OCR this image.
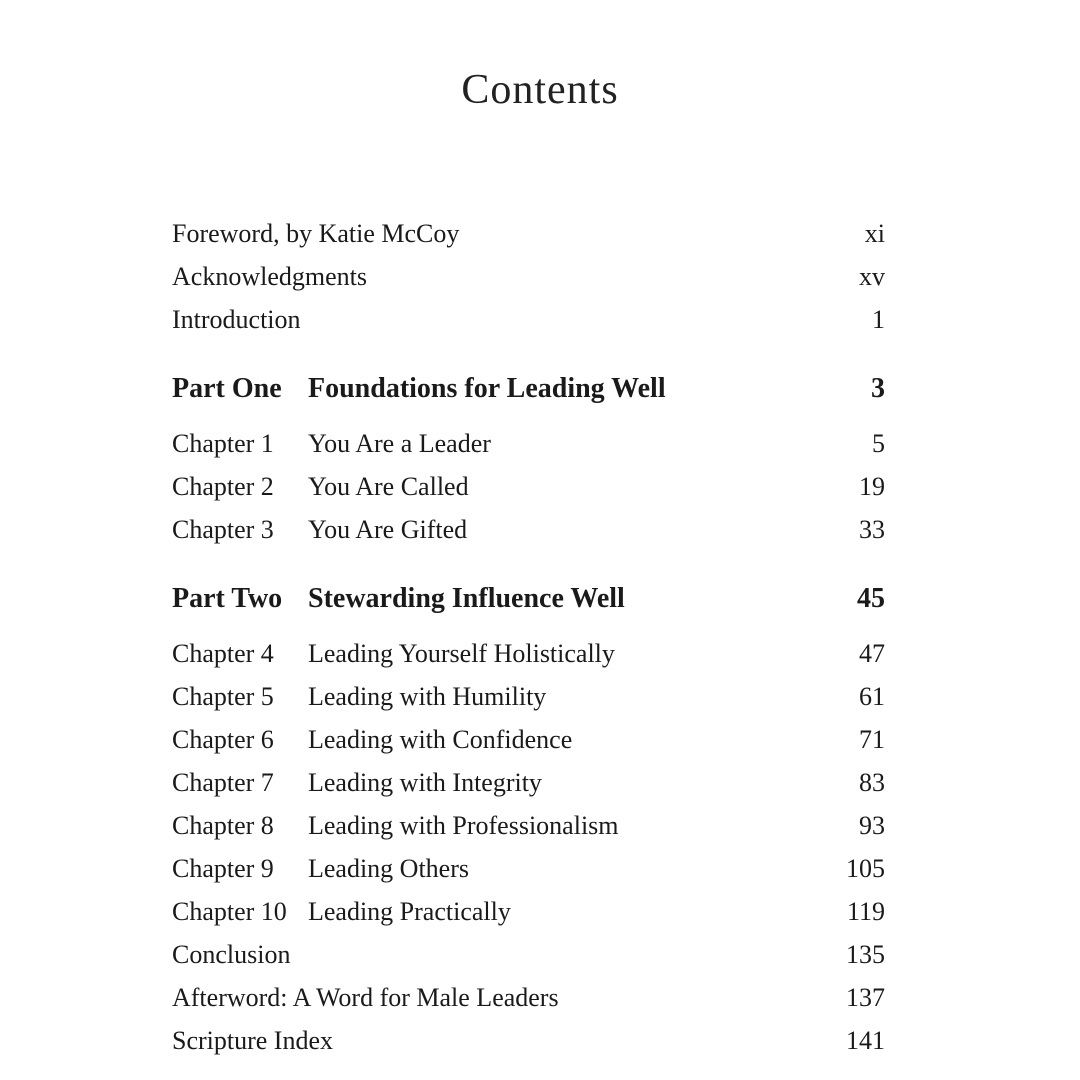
Contents
Foreword, by Katie McCoy	xi
Acknowledgments	xv
Introduction	1
Part One Foundations for Leading Well	3
Chapter 1 You Are a Leader	5
Chapter 2 You Are Called	19
Chapter 3 You Are Gifted	33
Part Two Stewarding Influence Well	45
Chapter 4 Leading Yourself Holistically	47
Chapter 5 Leading with Humility	61
Chapter 6 Leading with Confidence	71
Chapter 7 Leading with Integrity	83
Chapter 8 Leading with Professionalism	93
Chapter 9 Leading Others	105
Chapter 10 Leading Practically	119
Conclusion	135
Afterword: A Word for Male Leaders	137
Scripture Index	141
